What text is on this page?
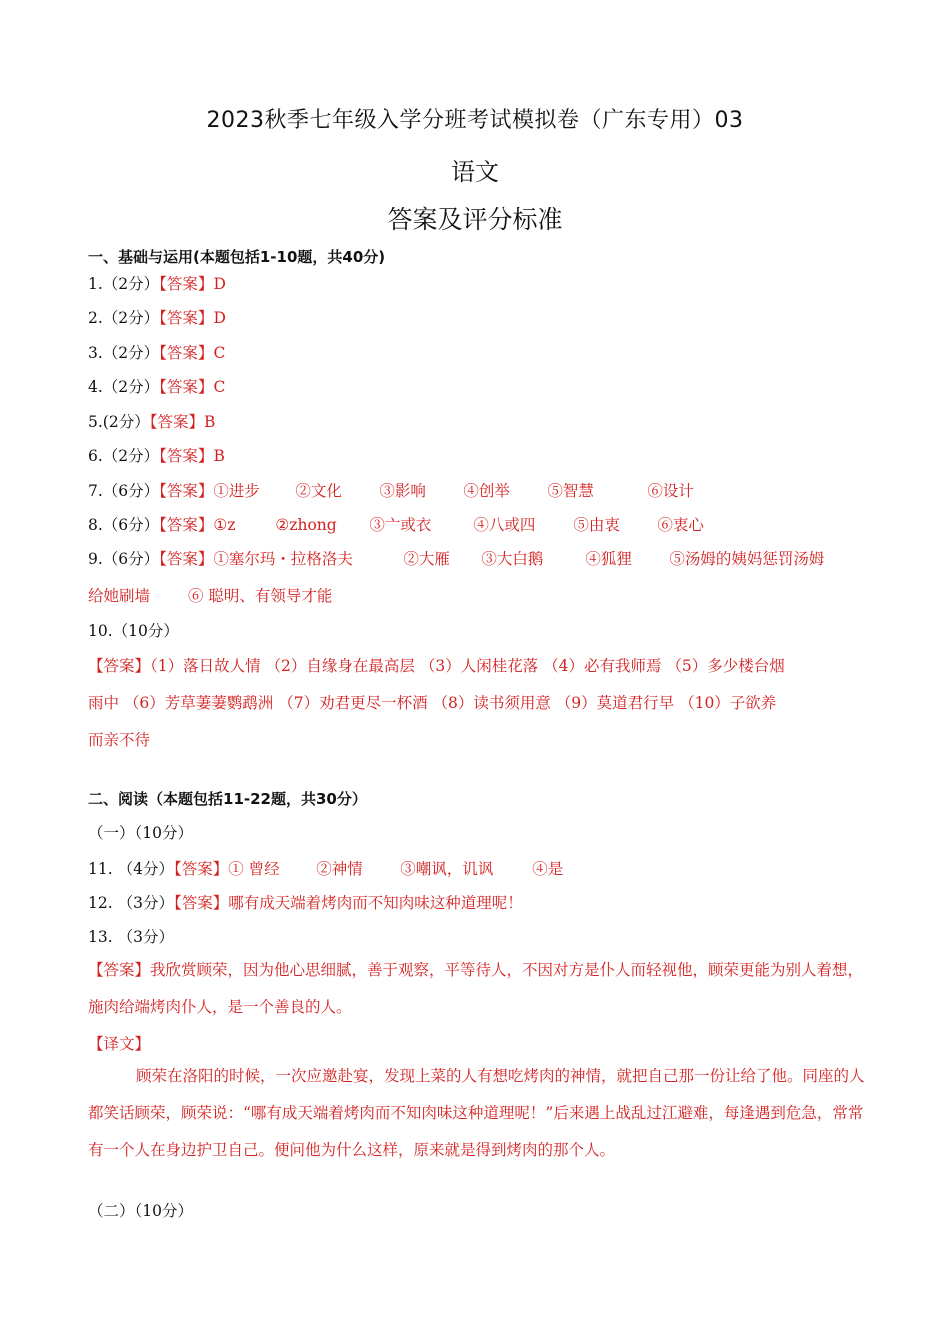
2023秋季七年级入学分班考试模拟卷（广东专用）03
语文
答案及评分标准
一、基础与运用(本题包括1-10题，共40分)
1.（2分）【答案】D
2.（2分）【答案】D
3.（2分）【答案】C
4.（2分）【答案】C
5.(2分）【答案】B
6.（2分）【答案】B
7.（6分）【答案】①进步 ②文化 ③影响 ④创举 ⑤智慧	⑥设计
8.（6分）【答案】①z	②zhong ③亠或衣	④八或四 ⑤由衷 ⑥衷心
9.（6分）【答案】①塞尔玛・拉格洛夫	②大雁 ③大白鹅	④狐狸 ⑤汤姆的姨妈惩罚汤姆
给她刷墙 ⑥ 聪明、有领导才能
10.（10分）
【答案】（1）落日故人情 （2）自缘身在最高层 （3）人闲桂花落 （4）必有我师焉 （5）多少楼台烟
雨中 （6）芳草萋萋鹦鹉洲 （7）劝君更尽一杯酒 （8）读书须用意 （9）莫道君行早 （10）子欲养
而亲不待
二、阅读（本题包括11-22题，共30分）
（一）（10分）
11. （4分）【答案】① 曾经 ②神情 ③嘲讽，讥讽	④是
12. （3分）【答案】哪有成天端着烤肉而不知肉味这种道理呢！
13. （3分）
【答案】我欣赏顾荣，因为他心思细腻，善于观察，平等待人，不因对方是仆人而轻视他，顾荣更能为别人着想，施肉给端烤肉仆人，是一个善良的人。
【译文】
顾荣在洛阳的时候，一次应邀赴宴，发现上菜的人有想吃烤肉的神情，就把自己那一份让给了他。同座的人都笑话顾荣，顾荣说：“哪有成天端着烤肉而不知肉味这种道理呢！”后来遇上战乱过江避难，每逢遇到危急，常常有一个人在身边护卫自己。便问他为什么这样，原来就是得到烤肉的那个人。
（二）（10分）
